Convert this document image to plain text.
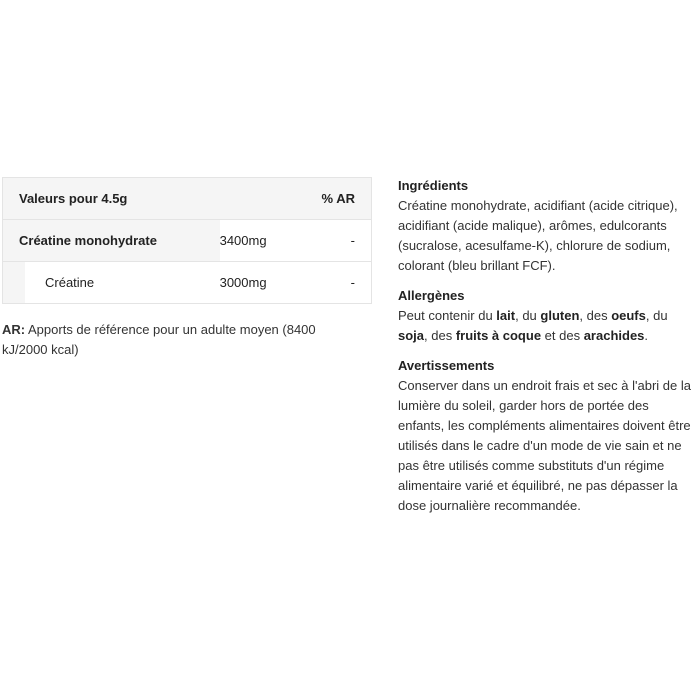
Valeurs pour 4.5g		% AR
Créatine monohydrate	3400mg	-

Créatine	3000mg	-
AR: Apports de référence pour un adulte moyen (8400 kJ/2000 kcal)

Ingrédients

Créatine monohydrate, acidifiant (acide citrique), acidifiant (acide malique), arômes, edulcorants (sucralose, acesulfame-K), chlorure de sodium, colorant (bleu brillant FCF).

Allergènes

Peut contenir du lait, du gluten, des oeufs, du soja, des fruits à coque et des arachides.

Avertissements

Conserver dans un endroit frais et sec à l'abri de la lumière du soleil, garder hors de portée des enfants, les compléments alimentaires doivent être utilisés dans le cadre d'un mode de vie sain et ne pas être utilisés comme substituts d'un régime alimentaire varié et équilibré, ne pas dépasser la dose journalière recommandée.
